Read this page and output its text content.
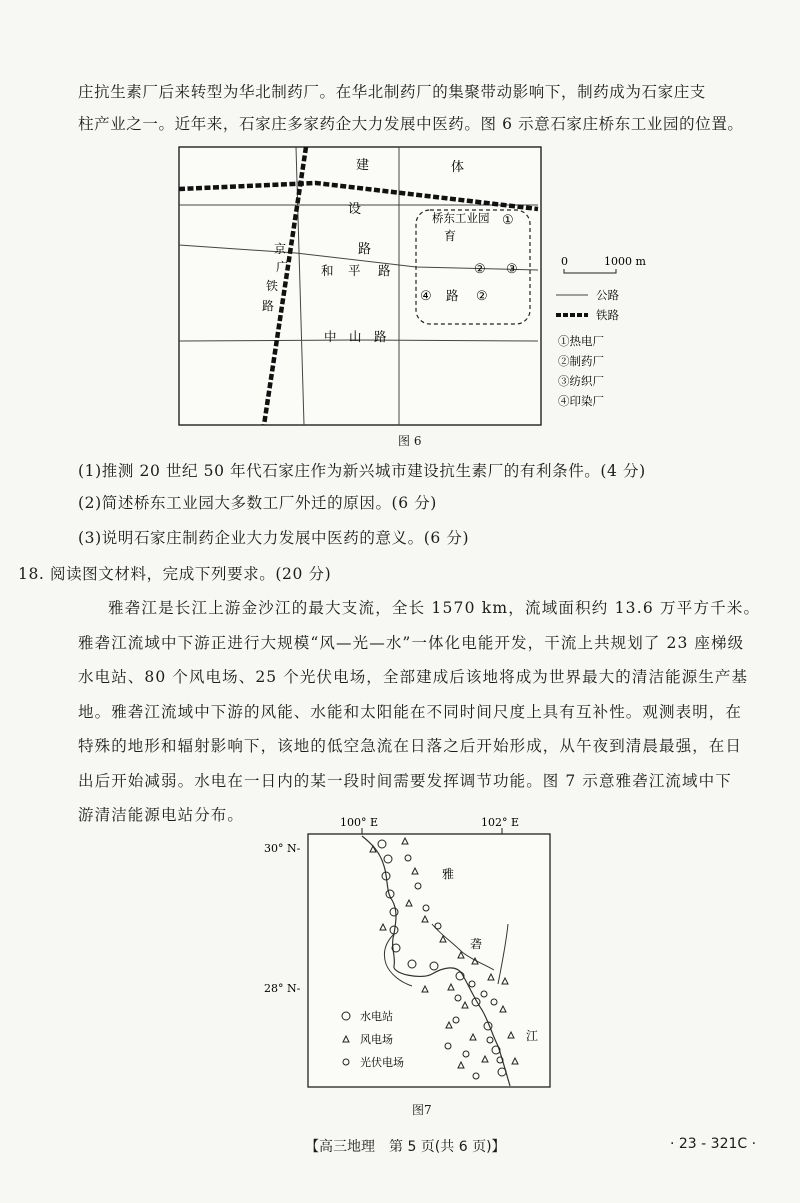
庄抗生素厂后来转型为华北制药厂。在华北制药厂的集聚带动影响下，制药成为石家庄支
柱产业之一。近年来，石家庄多家药企大力发展中医药。图 6 示意石家庄桥东工业园的位置。
建	体
设
路
育
京
广
铁
路
和 平 路
中　山　路
路
桥东工业园 ①
② ③
④	②
0	1000 m
公路
铁路
①热电厂
②制药厂
③纺织厂
④印染厂
图 6
(1)推测 20 世纪 50 年代石家庄作为新兴城市建设抗生素厂的有利条件。(4 分)
(2)简述桥东工业园大多数工厂外迁的原因。(6 分)
(3)说明石家庄制药企业大力发展中医药的意义。(6 分)
18. 阅读图文材料，完成下列要求。(20 分)
雅砻江是长江上游金沙江的最大支流，全长 1570 km，流域面积约 13.6 万平方千米。
雅砻江流域中下游正进行大规模“风—光—水”一体化电能开发，干流上共规划了 23 座梯级
水电站、80 个风电场、25 个光伏电场，全部建成后该地将成为世界最大的清洁能源生产基
地。雅砻江流域中下游的风能、水能和太阳能在不同时间尺度上具有互补性。观测表明，在
特殊的地形和辐射影响下，该地的低空急流在日落之后开始形成，从午夜到清晨最强，在日
出后开始减弱。水电在一日内的某一段时间需要发挥调节功能。图 7 示意雅砻江流域中下
游清洁能源电站分布。	100° E	102° E
30° N-
28° N-
雅
砻
江
水电站
风电场
光伏电场
图7
【高三地理　第 5 页(共 6 页)】	· 23 - 321C ·
